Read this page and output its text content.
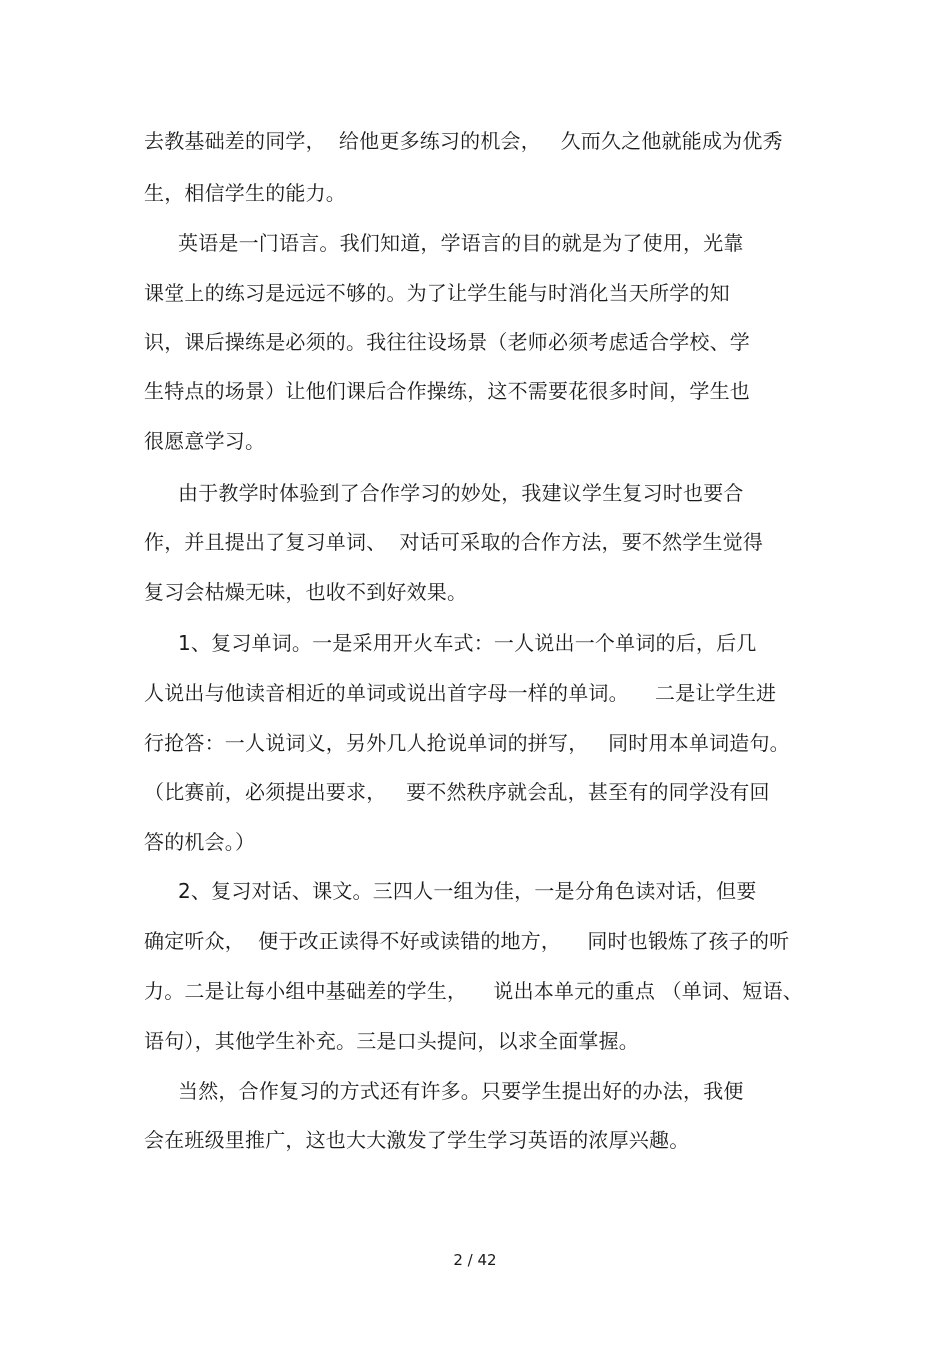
去教基础差的同学，  给他更多练习的机会，   久而久之他就能成为优秀
生，相信学生的能力。
英语是一门语言。我们知道，学语言的目的就是为了使用，光靠
课堂上的练习是远远不够的。为了让学生能与时消化当天所学的知
识，课后操练是必须的。我往往设场景（老师必须考虑适合学校、学
生特点的场景）让他们课后合作操练，这不需要花很多时间，学生也
很愿意学习。
由于教学时体验到了合作学习的妙处，我建议学生复习时也要合
作，并且提出了复习单词、  对话可采取的合作方法，要不然学生觉得
复习会枯燥无味，也收不到好效果。
1、复习单词。一是采用开火车式：一人说出一个单词的后，后几
人说出与他读音相近的单词或说出首字母一样的单词。    二是让学生进
行抢答：一人说词义，另外几人抢说单词的拼写，   同时用本单词造句。
（比赛前，必须提出要求，   要不然秩序就会乱，甚至有的同学没有回
答的机会。）
2、复习对话、课文。三四人一组为佳，一是分角色读对话，但要
确定听众，  便于改正读得不好或读错的地方，    同时也锻炼了孩子的听
力。二是让每小组中基础差的学生，    说出本单元的重点 （单词、短语、
语句），其他学生补充。三是口头提问，以求全面掌握。
当然，合作复习的方式还有许多。只要学生提出好的办法，我便
会在班级里推广，这也大大激发了学生学习英语的浓厚兴趣。
2 / 42
